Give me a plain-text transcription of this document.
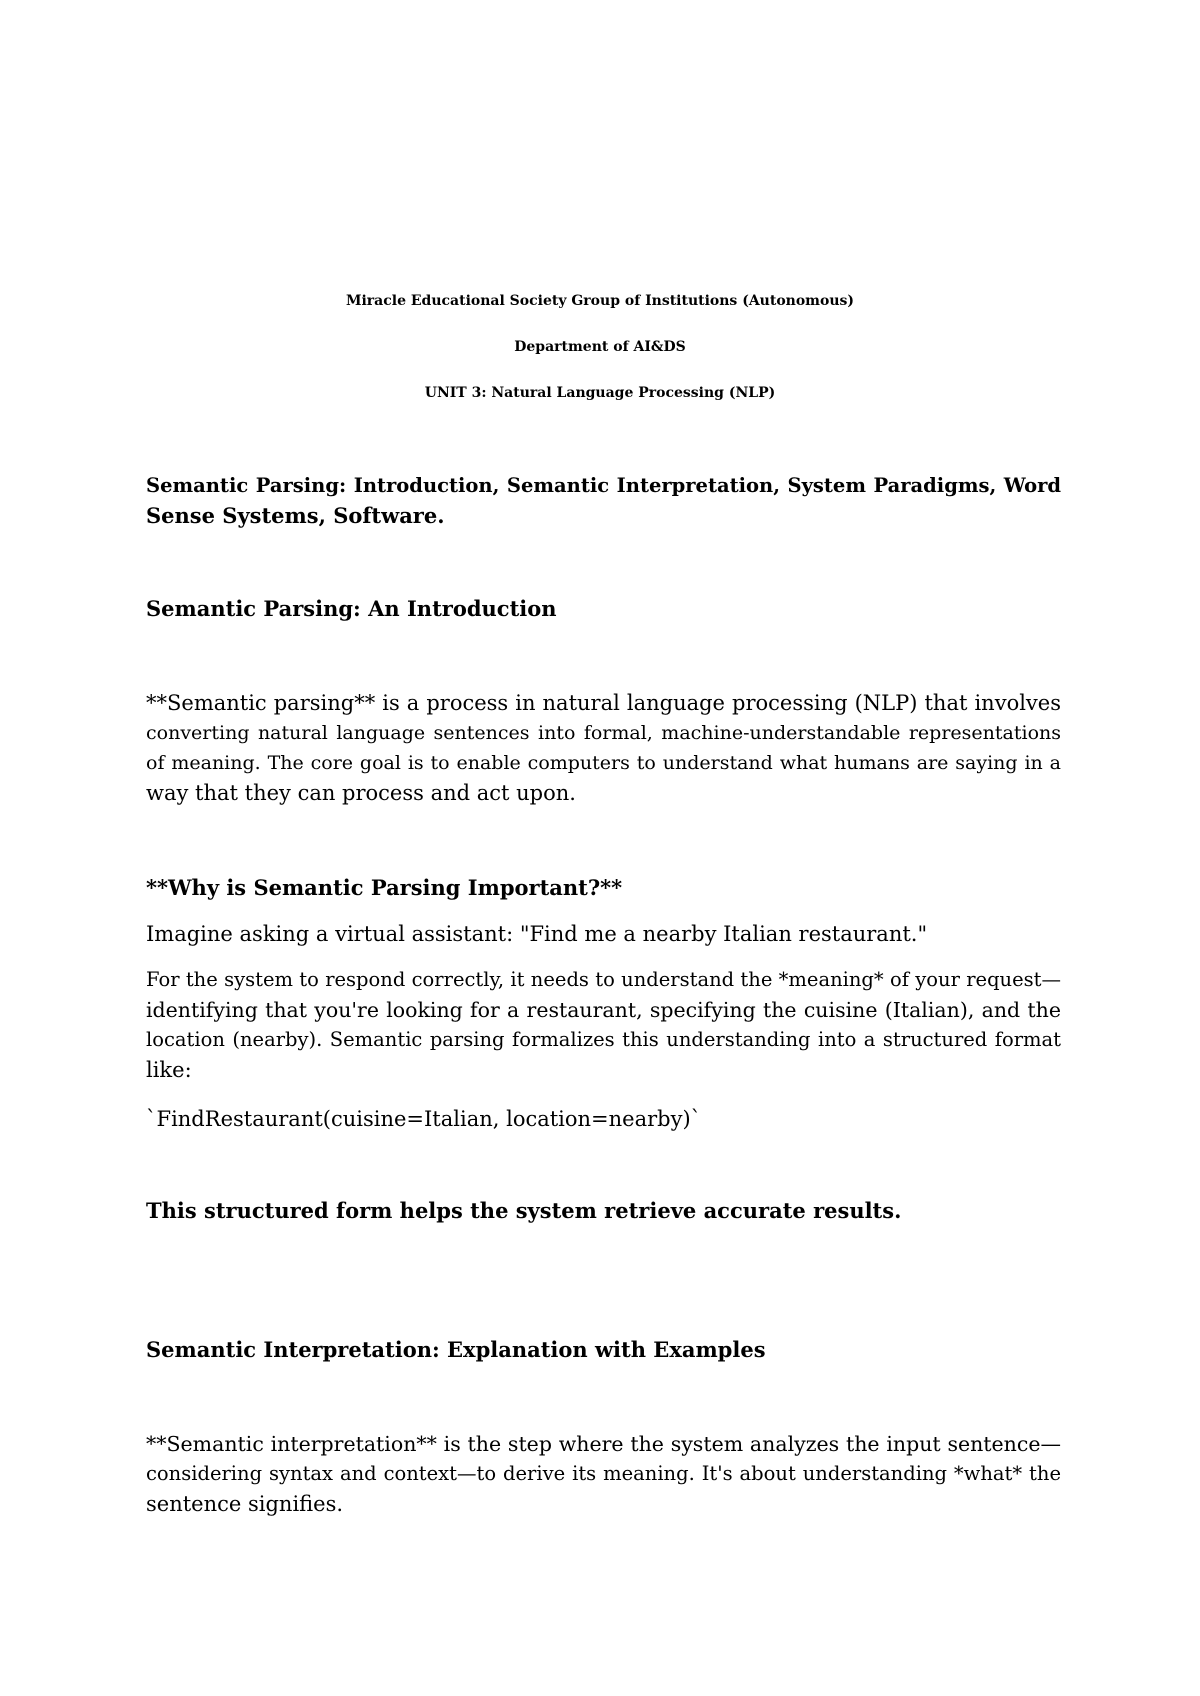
Miracle Educational Society Group of Institutions (Autonomous)
Department of AI&DS
UNIT 3: Natural Language Processing (NLP)
Semantic Parsing: Introduction, Semantic Interpretation, System Paradigms, Word
Sense Systems, Software.
Semantic Parsing: An Introduction
**Semantic parsing** is a process in natural language processing (NLP) that involves
converting natural language sentences into formal, machine-understandable representations
of meaning. The core goal is to enable computers to understand what humans are saying in a
way that they can process and act upon.
**Why is Semantic Parsing Important?**
Imagine asking a virtual assistant: "Find me a nearby Italian restaurant."
For the system to respond correctly, it needs to understand the *meaning* of your request—
identifying that you're looking for a restaurant, specifying the cuisine (Italian), and the
location (nearby). Semantic parsing formalizes this understanding into a structured format
like:
`FindRestaurant(cuisine=Italian, location=nearby)`
This structured form helps the system retrieve accurate results.
Semantic Interpretation: Explanation with Examples
**Semantic interpretation** is the step where the system analyzes the input sentence—
considering syntax and context—to derive its meaning. It's about understanding *what* the
sentence signifies.
